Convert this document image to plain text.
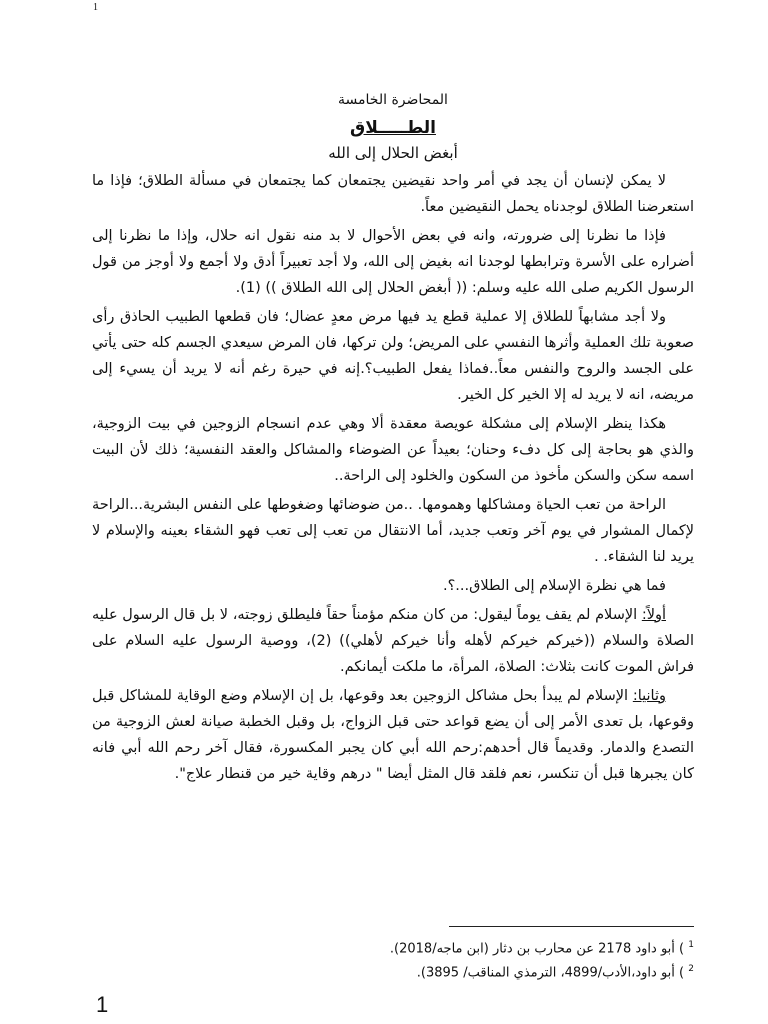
1
المحاضرة الخامسة
الطـــــلاق
أبغض الحلال إلى الله

لا يمكن لإنسان أن يجد في أمر واحد نقيضين يجتمعان كما يجتمعان في مسألة الطلاق؛ فإذا ما استعرضنا الطلاق لوجدناه يحمل النقيضين معاً.

فإذا ما نظرنا إلى ضرورته، وانه في بعض الأحوال لا بد منه نقول انه حلال، وإذا ما نظرنا إلى أضراره على الأسرة وترابطها لوجدنا انه بغيض إلى الله، ولا أجد تعبيراً أدق ولا أجمع ولا أوجز من قول الرسول الكريم صلى الله عليه وسلم: (( أبغض الحلال إلى الله الطلاق )) (1).

ولا أجد مشابهاً للطلاق إلا عملية قطع يد فيها مرض معدٍ عضال؛ فان قطعها الطبيب الحاذق رأى صعوبة تلك العملية وأثرها النفسي على المريض؛ ولن تركها، فان المرض سيعدي الجسم كله حتى يأتي على الجسد والروح والنفس معاً..فماذا يفعل الطبيب؟.إنه في حيرة رغم أنه لا يريد أن يسيء إلى مريضه، انه لا يريد له إلا الخير كل الخير.

هكذا ينظر الإسلام إلى مشكلة عويصة معقدة ألا وهي عدم انسجام الزوجين في بيت الزوجية، والذي هو بحاجة إلى كل دفء وحنان؛ بعيداً عن الضوضاء والمشاكل والعقد النفسية؛ ذلك لأن البيت اسمه سكن والسكن مأخوذ من السكون والخلود إلى الراحة..

الراحة من تعب الحياة ومشاكلها وهمومها. ..من ضوضائها وضغوطها على النفس البشرية...الراحة لإكمال المشوار في يوم آخر وتعب جديد، أما الانتقال من تعب إلى تعب فهو الشقاء بعينه والإسلام لا يريد لنا الشقاء. .

فما هي نظرة الإسلام إلى الطلاق...؟.

أولاً: الإسلام لم يقف يوماً ليقول: من كان منكم مؤمناً حقاً فليطلق زوجته، لا بل قال الرسول عليه الصلاة والسلام ((خيركم خيركم لأهله وأنا خيركم لأهلي)) (2)، ووصية الرسول عليه السلام على فراش الموت كانت بثلاث: الصلاة، المرأة، ما ملكت أيمانكم.

وثانيا: الإسلام لم يبدأ بحل مشاكل الزوجين بعد وقوعها، بل إن الإسلام وضع الوقاية للمشاكل قبل وقوعها، بل تعدى الأمر إلى أن يضع قواعد حتى قبل الزواج، بل وقبل الخطبة صيانة لعش الزوجية من التصدع والدمار. وقديماً قال أحدهم:رحم الله أبي كان يجبر المكسورة، فقال آخر رحم الله أبي فانه كان يجبرها قبل أن تنكسر، نعم فلقد قال المثل أيضا " درهم وقاية خير من قنطار علاج".

$^1$ ) أبو داود 2178 عن محارب بن دثار (ابن ماجه/2018).
$^2$ ) أبو داود،الأدب/4899، الترمذي المناقب/ 3895).
1
